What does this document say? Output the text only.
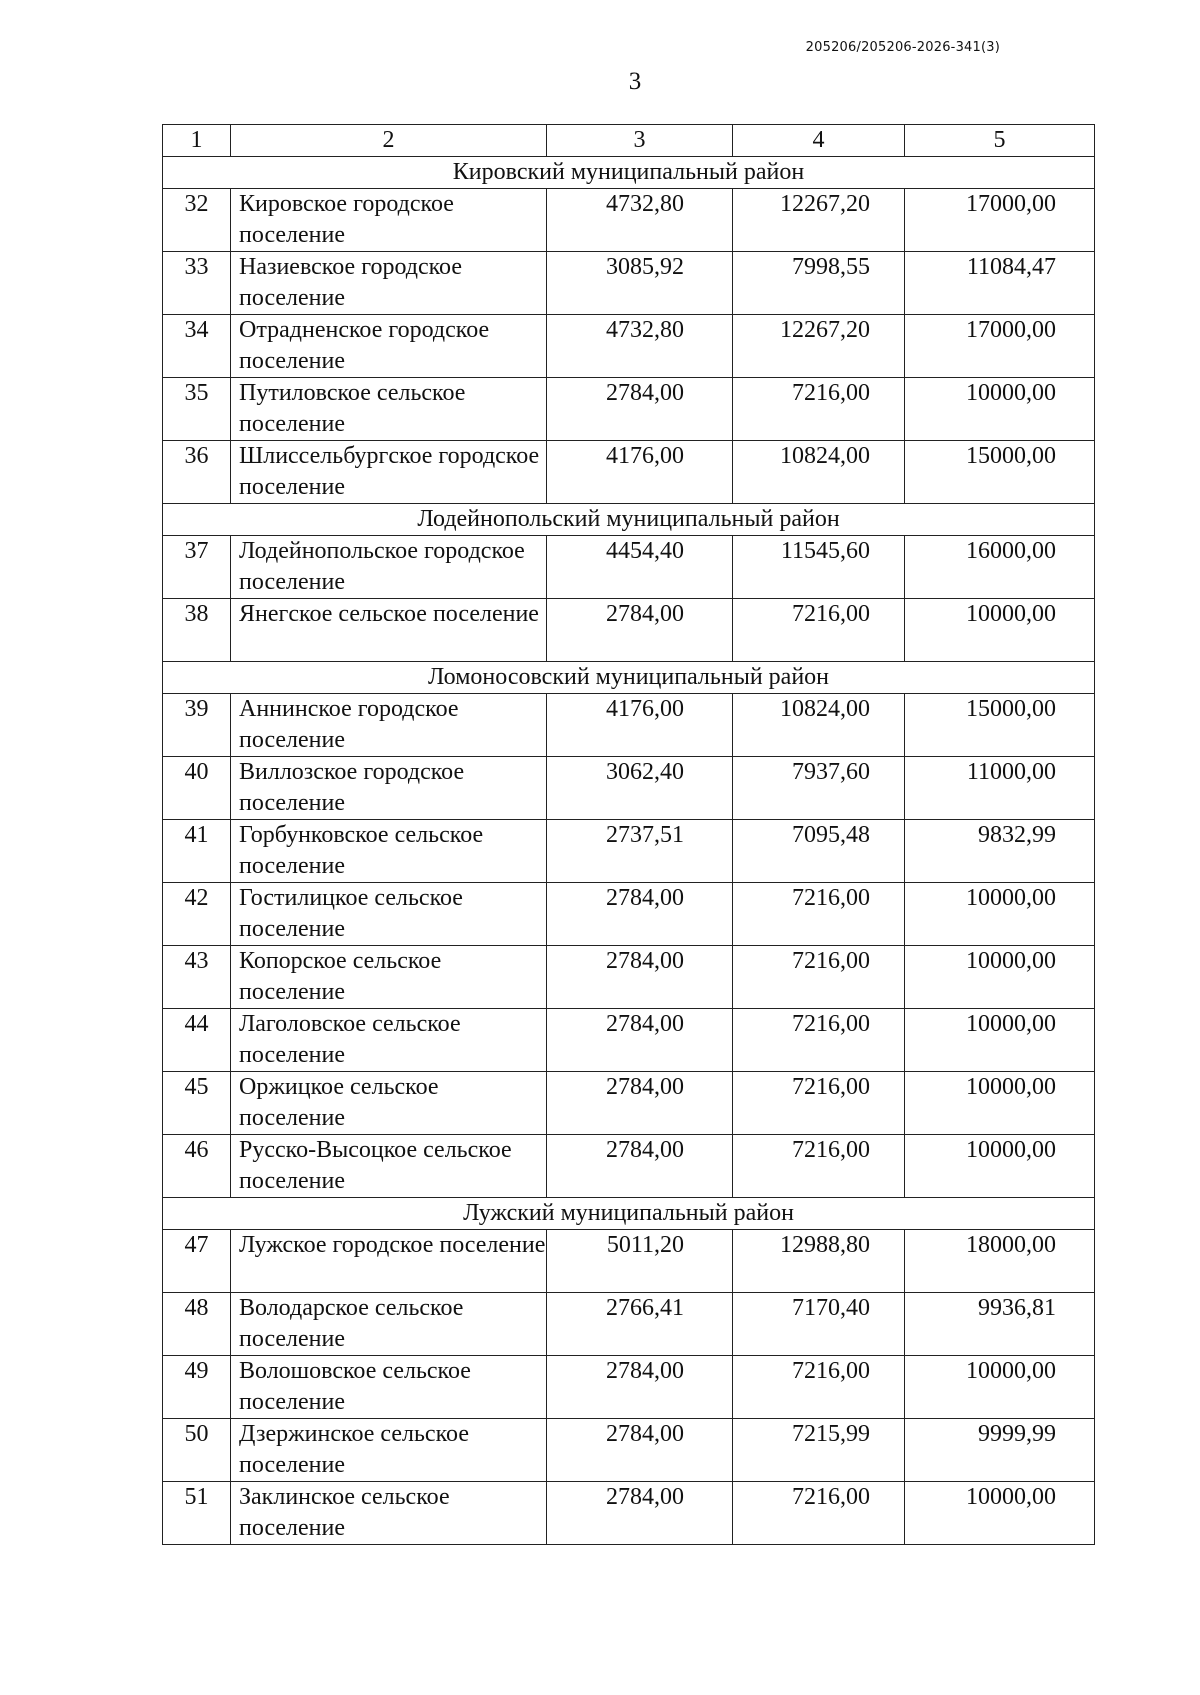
205206/205206-2026-341(3)
3
1	2	3	4	5
Кировский муниципальный район				
32	Кировское городское поселение	4732,80	12267,20	17000,00
33	Назиевское городское поселение	3085,92	7998,55	11084,47
34	Отрадненское городское поселение	4732,80	12267,20	17000,00
35	Путиловское сельское поселение	2784,00	7216,00	10000,00
36	Шлиссельбургское городское поселение	4176,00	10824,00	15000,00
Лодейнопольский муниципальный район				
37	Лодейнопольское городское поселение	4454,40	11545,60	16000,00
38	Янегское сельское поселение	2784,00	7216,00	10000,00
Ломоносовский муниципальный район				
39	Аннинское городское поселение	4176,00	10824,00	15000,00
40	Виллозское городское поселение	3062,40	7937,60	11000,00
41	Горбунковское сельское поселение	2737,51	7095,48	9832,99
42	Гостилицкое сельское поселение	2784,00	7216,00	10000,00
43	Копорское сельское поселение	2784,00	7216,00	10000,00
44	Лаголовское сельское поселение	2784,00	7216,00	10000,00
45	Оржицкое сельское поселение	2784,00	7216,00	10000,00
46	Русско-Высоцкое сельское поселение	2784,00	7216,00	10000,00
Лужский муниципальный район				
47	Лужское городское поселение	5011,20	12988,80	18000,00
48	Володарское сельское поселение	2766,41	7170,40	9936,81
49	Волошовское сельское поселение	2784,00	7216,00	10000,00
50	Дзержинское сельское поселение	2784,00	7215,99	9999,99
51	Заклинское сельское поселение	2784,00	7216,00	10000,00
